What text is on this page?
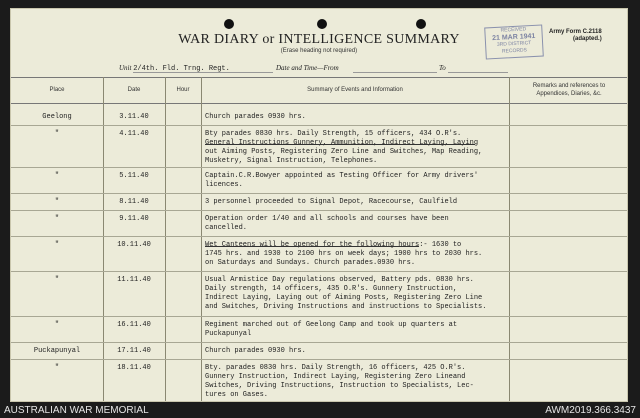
WAR DIARY or INTELLIGENCE SUMMARY
(Erase heading not required)
RECEIVED
21 MAR 1941
3RD DISTRICT
RECORDS
Army Form C.2118
(adapted.)
Unit 2/4th. Fld. Trng. Regt.	Date and Time—From	To
Place	Date	Hour	Summary of Events and Information
Remarks and references to
Appendices, Diaries, &c.
Geelong	3.11.40	Church parades 0930 hrs.
"	4.11.40	Bty parades 0830 hrs. Daily Strength, 15 officers, 434 O.R's.
General Instructions Gunnery, Ammunition, Indirect Laying, Laying
out Aiming Posts, Registering Zero Line and Switches, Map Reading,
Musketry, Signal Instruction, Telephones.
"	5.11.40	Captain.C.R.Bowyer appointed as Testing Officer for Army drivers'
licences.
"	8.11.40	3 personnel proceeded to Signal Depot, Racecourse, Caulfield
"	9.11.40	Operation order 1/40 and all schools and courses have been
cancelled.
"	10.11.40	Wet Canteens will be opened for the following hours:- 1630 to
1745 hrs. and 1930 to 2100 hrs on week days; 1900 hrs to 2030 hrs.
on Saturdays and Sundays. Church parades.0930 hrs.
"	11.11.40	Usual Armistice Day regulations observed, Battery pds. 0830 hrs.
Daily strength, 14 officers, 435 O.R's. Gunnery Instruction,
Indirect Laying, Laying out of Aiming Posts, Registering Zero Line
and Switches, Driving Instructions and instructions to Specialists.
"	16.11.40	Regiment marched out of Geelong Camp and took up quarters at
Puckapunyal
Puckapunyal	17.11.40	Church parades 0930 hrs.
"	18.11.40	Bty. parades 0830 hrs. Daily Strength, 16 officers, 425 O.R's.
Gunnery Instruction, Indirect Laying, Registering Zero Lineand
Switches, Driving Instructions, Instruction to Specialists, Lec-
tures on Gases.
AUSTRALIAN WAR MEMORIAL	AWM2019.366.3437
